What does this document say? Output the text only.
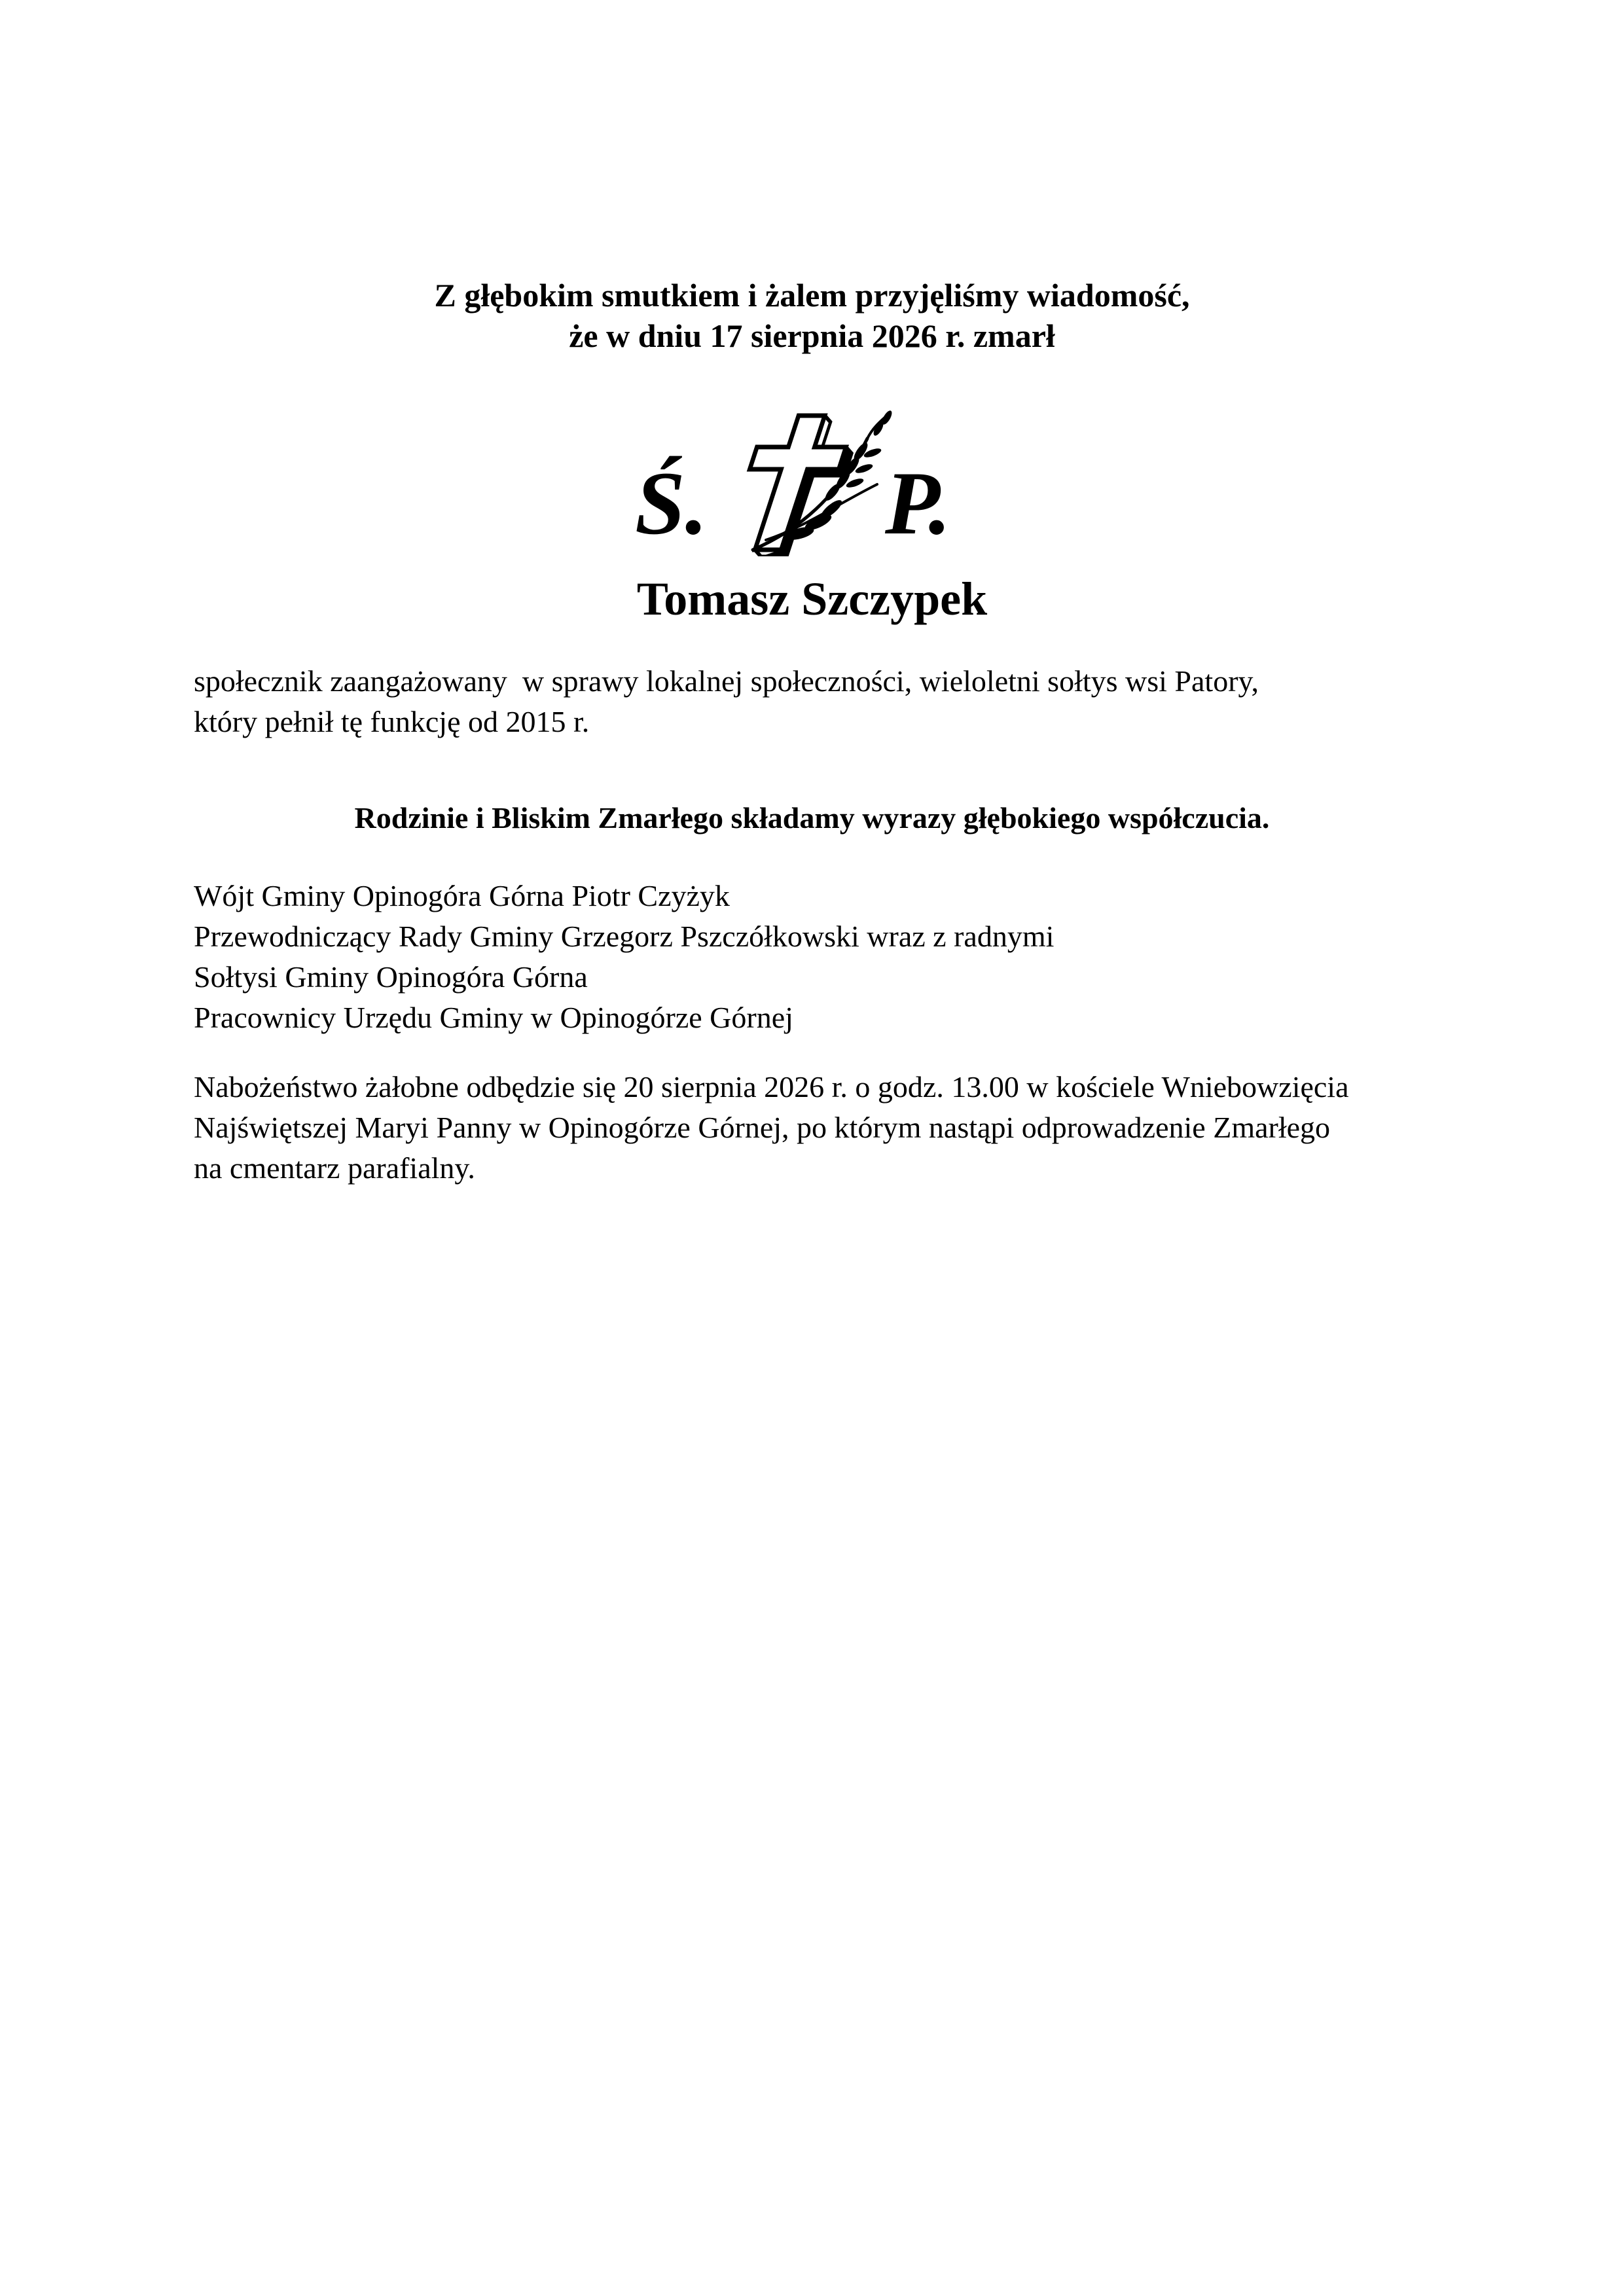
Z głębokim smutkiem i żalem przyjęliśmy wiadomość,
że w dniu 17 sierpnia 2026 r. zmarł
Ś. P.
Tomasz Szczypek
społecznik zaangażowany  w sprawy lokalnej społeczności, wieloletni sołtys wsi Patory,
który pełnił tę funkcję od 2015 r.
Rodzinie i Bliskim Zmarłego składamy wyrazy głębokiego współczucia.
Wójt Gminy Opinogóra Górna Piotr Czyżyk
Przewodniczący Rady Gminy Grzegorz Pszczółkowski wraz z radnymi
Sołtysi Gminy Opinogóra Górna
Pracownicy Urzędu Gminy w Opinogórze Górnej
Nabożeństwo żałobne odbędzie się 20 sierpnia 2026 r. o godz. 13.00 w kościele Wniebowzięcia
Najświętszej Maryi Panny w Opinogórze Górnej, po którym nastąpi odprowadzenie Zmarłego
na cmentarz parafialny.
